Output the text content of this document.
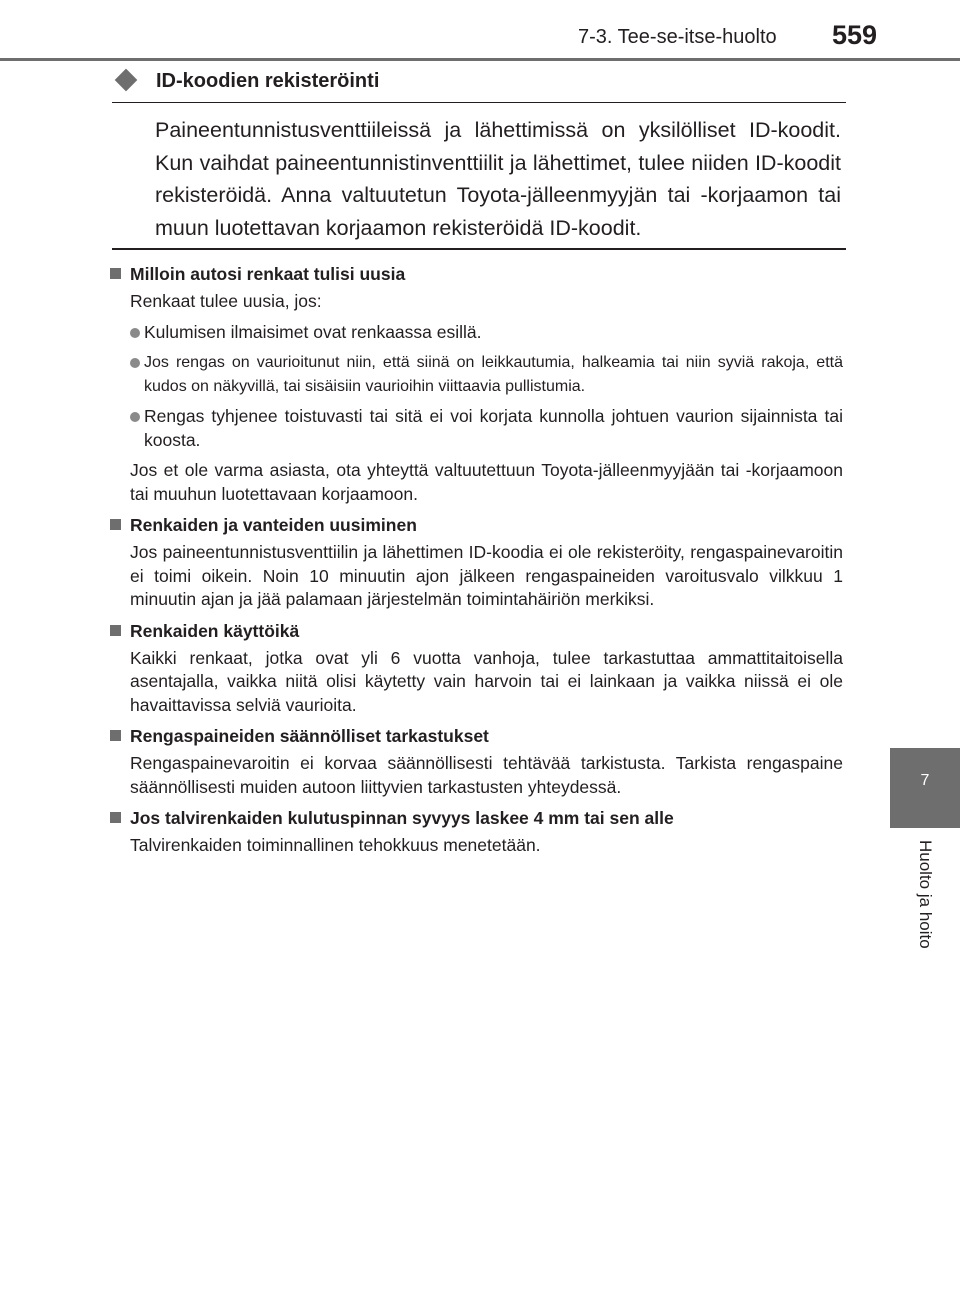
7-3. Tee-se-itse-huolto 559
7
Huolto ja hoito
ID-koodien rekisteröinti
Paineentunnistusventtiileissä ja lähettimissä on yksilölliset ID-koodit. Kun vaihdat paineentunnistinventtiilit ja lähettimet, tulee niiden ID-koodit rekisteröidä. Anna valtuutetun Toyota-jälleenmyyjän tai -korjaamon tai muun luotettavan korjaamon rekisteröidä ID-koodit.
Milloin autosi renkaat tulisi uusia
Renkaat tulee uusia, jos:
Kulumisen ilmaisimet ovat renkaassa esillä.
Jos rengas on vaurioitunut niin, että siinä on leikkautumia, halkeamia tai niin syviä rakoja, että kudos on näkyvillä, tai sisäisiin vaurioihin viittaavia pullistumia.
Rengas tyhjenee toistuvasti tai sitä ei voi korjata kunnolla johtuen vaurion sijainnista tai koosta.
Jos et ole varma asiasta, ota yhteyttä valtuutettuun Toyota-jälleenmyyjään tai -korjaamoon tai muuhun luotettavaan korjaamoon.
Renkaiden ja vanteiden uusiminen
Jos paineentunnistusventtiilin ja lähettimen ID-koodia ei ole rekisteröity, rengaspainevaroitin ei toimi oikein. Noin 10 minuutin ajon jälkeen rengaspaineiden varoitusvalo vilkkuu 1 minuutin ajan ja jää palamaan järjestelmän toimintahäiriön merkiksi.
Renkaiden käyttöikä
Kaikki renkaat, jotka ovat yli 6 vuotta vanhoja, tulee tarkastuttaa ammattitaitoisella asentajalla, vaikka niitä olisi käytetty vain harvoin tai ei lainkaan ja vaikka niissä ei ole havaittavissa selviä vaurioita.
Rengaspaineiden säännölliset tarkastukset
Rengaspainevaroitin ei korvaa säännöllisesti tehtävää tarkistusta. Tarkista rengaspaine säännöllisesti muiden autoon liittyvien tarkastusten yhteydessä.
Jos talvirenkaiden kulutuspinnan syvyys laskee 4 mm tai sen alle
Talvirenkaiden toiminnallinen tehokkuus menetetään.
